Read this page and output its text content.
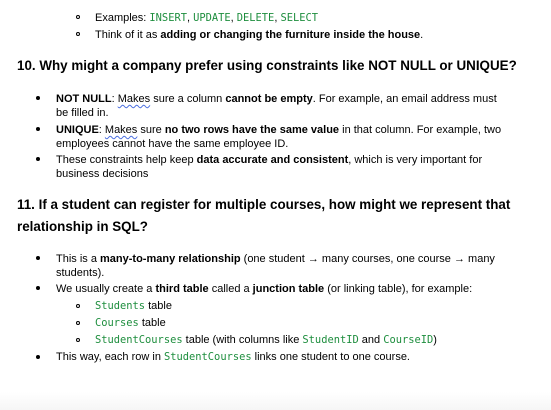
Examples: INSERT, UPDATE, DELETE, SELECT
Think of it as adding or changing the furniture inside the house.
10. Why might a company prefer using constraints like NOT NULL or UNIQUE?
NOT NULL: Makes sure a column cannot be empty. For example, an email address must
be filled in.
UNIQUE: Makes sure no two rows have the same value in that column. For example, two
employees cannot have the same employee ID.
These constraints help keep data accurate and consistent, which is very important for
business decisions
11. If a student can register for multiple courses, how might we represent that
relationship in SQL?
This is a many-to-many relationship (one student → many courses, one course → many
students).
We usually create a third table called a junction table (or linking table), for example:
Students table
Courses table
StudentCourses table (with columns like StudentID and CourseID)
This way, each row in StudentCourses links one student to one course.
